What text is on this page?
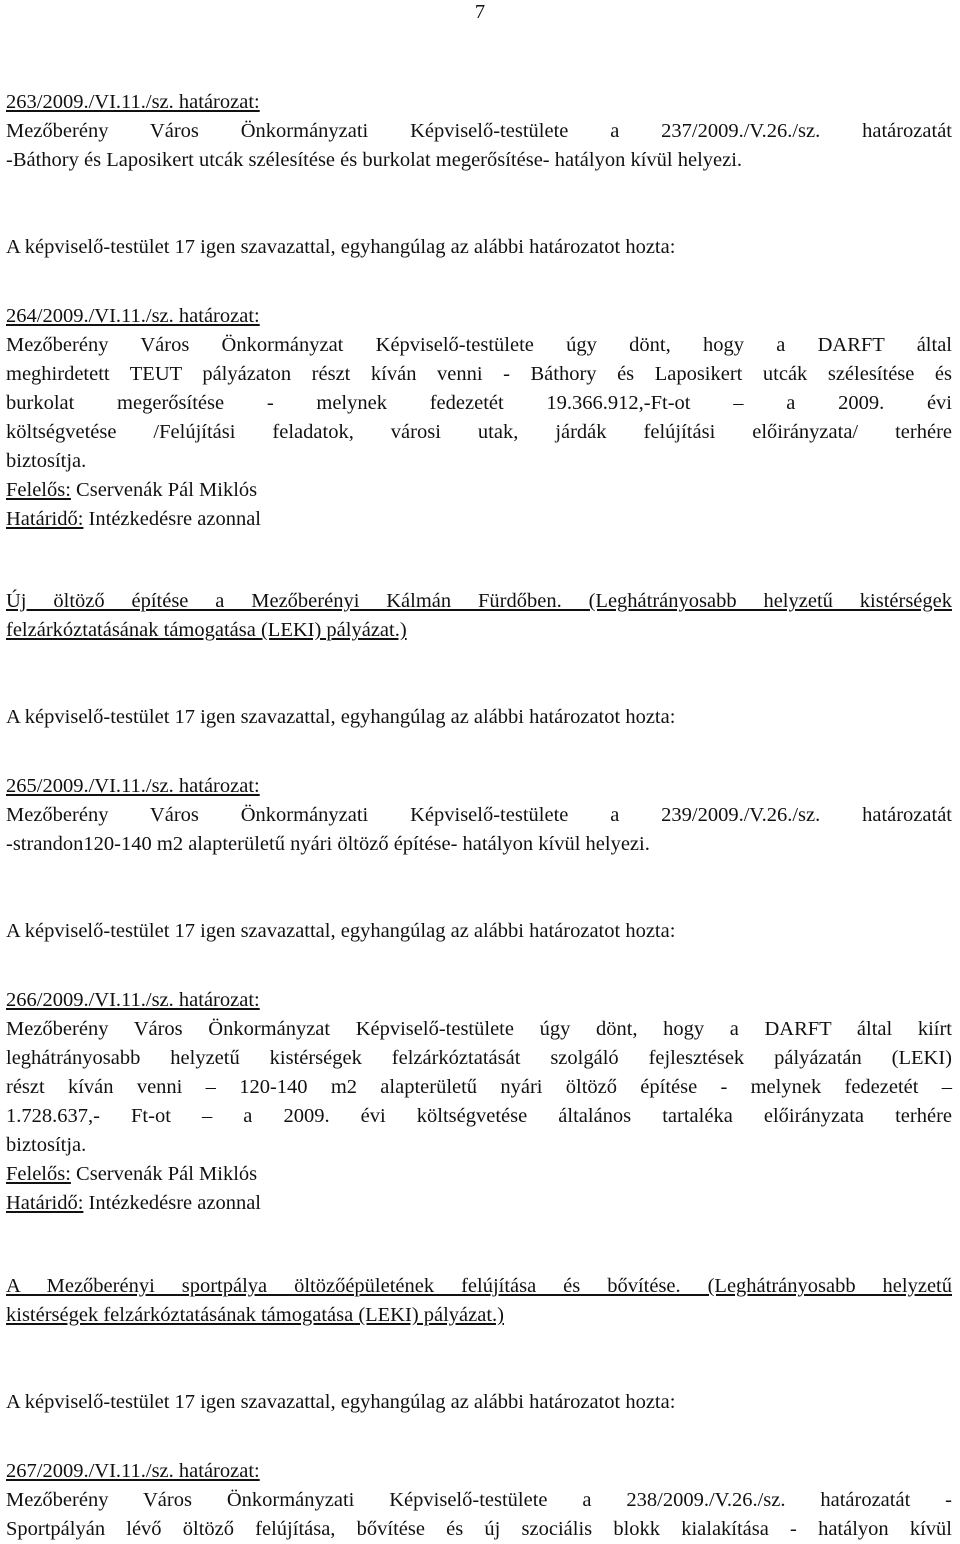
7
263/2009./VI.11./sz. határozat:
Mezőberény Város Önkormányzati Képviselő-testülete a 237/2009./V.26./sz. határozatát
-Báthory és Laposikert utcák szélesítése és burkolat megerősítése- hatályon kívül helyezi.
A képviselő-testület 17 igen szavazattal, egyhangúlag az alábbi határozatot hozta:
264/2009./VI.11./sz. határozat:
Mezőberény Város Önkormányzat Képviselő-testülete úgy dönt, hogy a DARFT által
meghirdetett TEUT pályázaton részt kíván venni - Báthory és Laposikert utcák szélesítése és
burkolat megerősítése - melynek fedezetét 19.366.912,-Ft-ot – a 2009. évi
költségvetése /Felújítási feladatok, városi utak, járdák felújítási előirányzata/ terhére
biztosítja.
Felelős: Cservenák Pál Miklós
Határidő: Intézkedésre azonnal
Új öltöző építése a Mezőberényi Kálmán Fürdőben. (Leghátrányosabb helyzetű kistérségek
felzárkóztatásának támogatása (LEKI) pályázat.)
A képviselő-testület 17 igen szavazattal, egyhangúlag az alábbi határozatot hozta:
265/2009./VI.11./sz. határozat:
Mezőberény Város Önkormányzati Képviselő-testülete a 239/2009./V.26./sz. határozatát
-strandon120-140 m2 alapterületű nyári öltöző építése- hatályon kívül helyezi.
A képviselő-testület 17 igen szavazattal, egyhangúlag az alábbi határozatot hozta:
266/2009./VI.11./sz. határozat:
Mezőberény Város Önkormányzat Képviselő-testülete úgy dönt, hogy a DARFT által kiírt
leghátrányosabb helyzetű kistérségek felzárkóztatását szolgáló fejlesztések pályázatán (LEKI)
részt kíván venni – 120-140 m2 alapterületű nyári öltöző építése - melynek fedezetét –
1.728.637,- Ft-ot – a 2009. évi költségvetése általános tartaléka előirányzata terhére
biztosítja.
Felelős: Cservenák Pál Miklós
Határidő: Intézkedésre azonnal
A Mezőberényi sportpálya öltözőépületének felújítása és bővítése. (Leghátrányosabb helyzetű
kistérségek felzárkóztatásának támogatása (LEKI) pályázat.)
A képviselő-testület 17 igen szavazattal, egyhangúlag az alábbi határozatot hozta:
267/2009./VI.11./sz. határozat:
Mezőberény Város Önkormányzati Képviselő-testülete a 238/2009./V.26./sz. határozatát -
Sportpályán lévő öltöző felújítása, bővítése és új szociális blokk kialakítása - hatályon kívül
